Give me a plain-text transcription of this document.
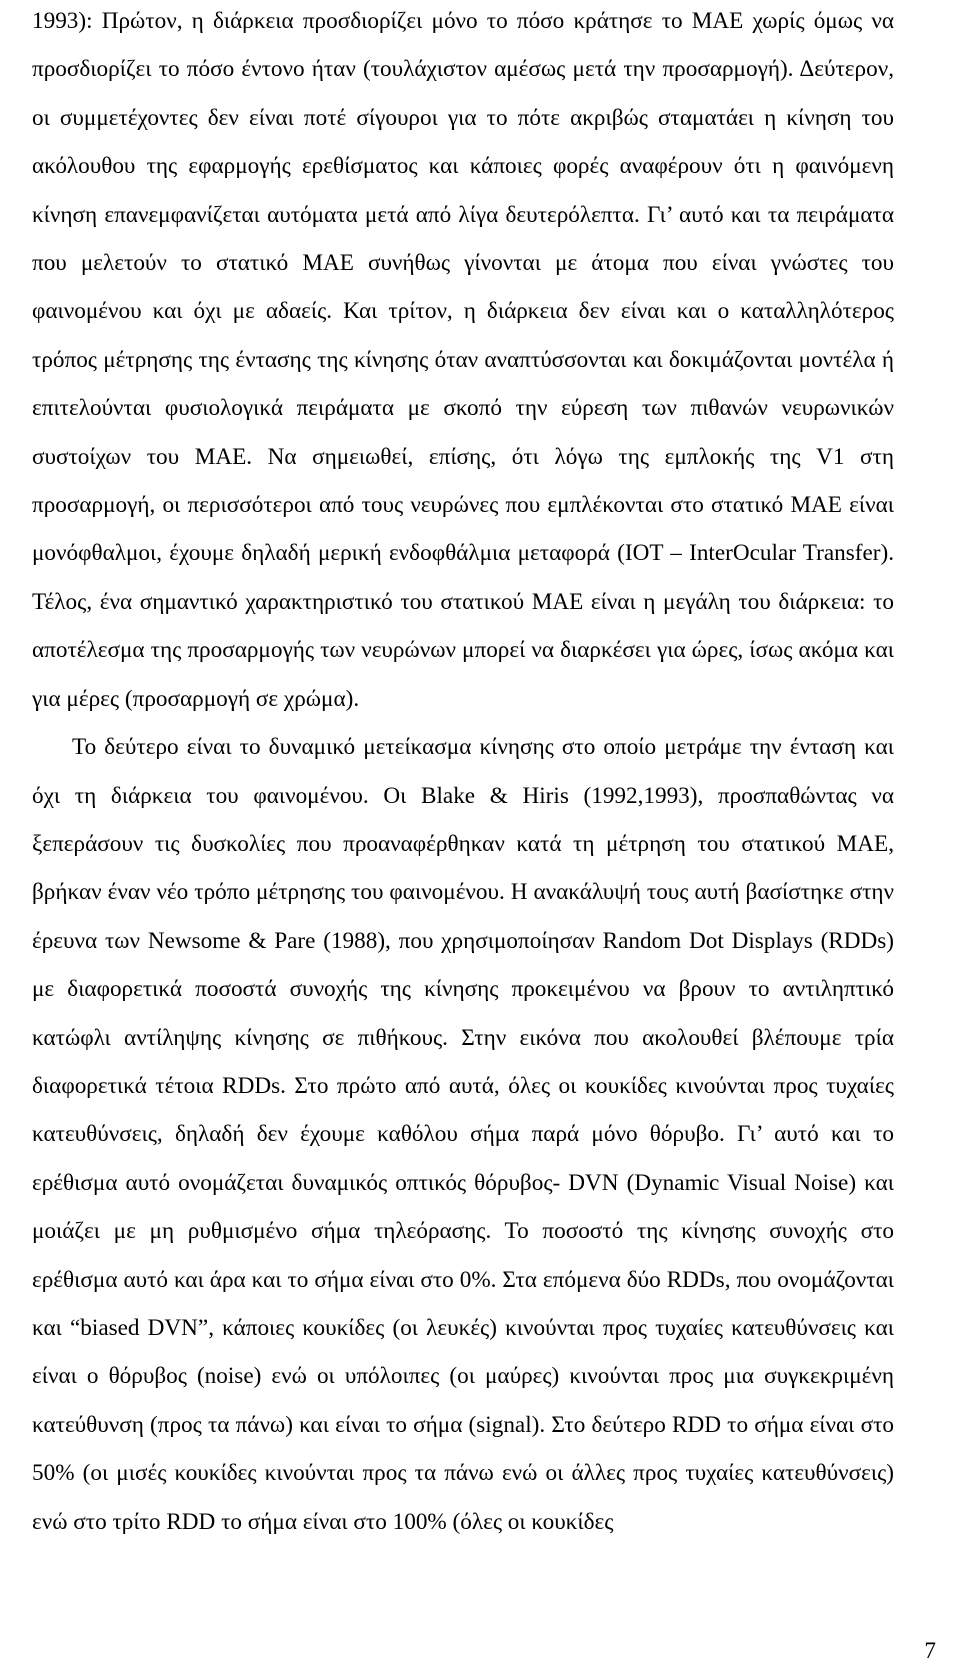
1993): Πρώτον, η διάρκεια προσδιορίζει μόνο το πόσο κράτησε το ΜΑΕ χωρίς όμως να προσδιορίζει το πόσο έντονο ήταν (τουλάχιστον αμέσως μετά την προσαρμογή). Δεύτερον, οι συμμετέχοντες δεν είναι ποτέ σίγουροι για το πότε ακριβώς σταματάει η κίνηση του ακόλουθου της εφαρμογής ερεθίσματος και κάποιες φορές αναφέρουν ότι η φαινόμενη κίνηση επανεμφανίζεται αυτόματα μετά από λίγα δευτερόλεπτα. Γι’ αυτό και τα πειράματα που μελετούν το στατικό ΜΑΕ συνήθως γίνονται με άτομα που είναι γνώστες του φαινομένου και όχι με αδαείς. Και τρίτον, η διάρκεια δεν είναι και ο καταλληλότερος τρόπος μέτρησης της έντασης της κίνησης όταν αναπτύσσονται και δοκιμάζονται μοντέλα ή επιτελούνται φυσιολογικά πειράματα με σκοπό την εύρεση των πιθανών νευρωνικών συστοίχων του ΜΑΕ. Να σημειωθεί, επίσης, ότι λόγω της εμπλοκής της V1 στη προσαρμογή, οι περισσότεροι από τους νευρώνες που εμπλέκονται στο στατικό ΜΑΕ είναι μονόφθαλμοι, έχουμε δηλαδή μερική ενδοφθάλμια μεταφορά (IOT – InterOcular Transfer). Τέλος, ένα σημαντικό χαρακτηριστικό του στατικού ΜΑΕ είναι η μεγάλη του διάρκεια: το αποτέλεσμα της προσαρμογής των νευρώνων μπορεί να διαρκέσει για ώρες, ίσως ακόμα και για μέρες (προσαρμογή σε χρώμα).

Το δεύτερο είναι το δυναμικό μετείκασμα κίνησης στο οποίο μετράμε την ένταση και όχι τη διάρκεια του φαινομένου. Οι Blake & Hiris (1992,1993), προσπαθώντας να ξεπεράσουν τις δυσκολίες που προαναφέρθηκαν κατά τη μέτρηση του στατικού ΜΑΕ, βρήκαν έναν νέο τρόπο μέτρησης του φαινομένου. Η ανακάλυψή τους αυτή βασίστηκε στην έρευνα των Newsome & Pare (1988), που χρησιμοποίησαν Random Dot Displays (RDDs) με διαφορετικά ποσοστά συνοχής της κίνησης προκειμένου να βρουν το αντιληπτικό κατώφλι αντίληψης κίνησης σε πιθήκους. Στην εικόνα που ακολουθεί βλέπουμε τρία διαφορετικά τέτοια RDDs. Στο πρώτο από αυτά, όλες οι κουκίδες κινούνται προς τυχαίες κατευθύνσεις, δηλαδή δεν έχουμε καθόλου σήμα παρά μόνο θόρυβο. Γι’ αυτό και το ερέθισμα αυτό ονομάζεται δυναμικός οπτικός θόρυβος- DVN (Dynamic Visual Noise) και μοιάζει με μη ρυθμισμένο σήμα τηλεόρασης. Το ποσοστό της κίνησης συνοχής στο ερέθισμα αυτό και άρα και το σήμα είναι στο 0%. Στα επόμενα δύο RDDs, που ονομάζονται και “biased DVN”, κάποιες κουκίδες (οι λευκές) κινούνται προς τυχαίες κατευθύνσεις και είναι ο θόρυβος (noise) ενώ οι υπόλοιπες (οι μαύρες) κινούνται προς μια συγκεκριμένη κατεύθυνση (προς τα πάνω) και είναι το σήμα (signal). Στο δεύτερο RDD το σήμα είναι στο 50% (οι μισές κουκίδες κινούνται προς τα πάνω ενώ οι άλλες προς τυχαίες κατευθύνσεις) ενώ στο τρίτο RDD το σήμα είναι στο 100% (όλες οι κουκίδες

7
